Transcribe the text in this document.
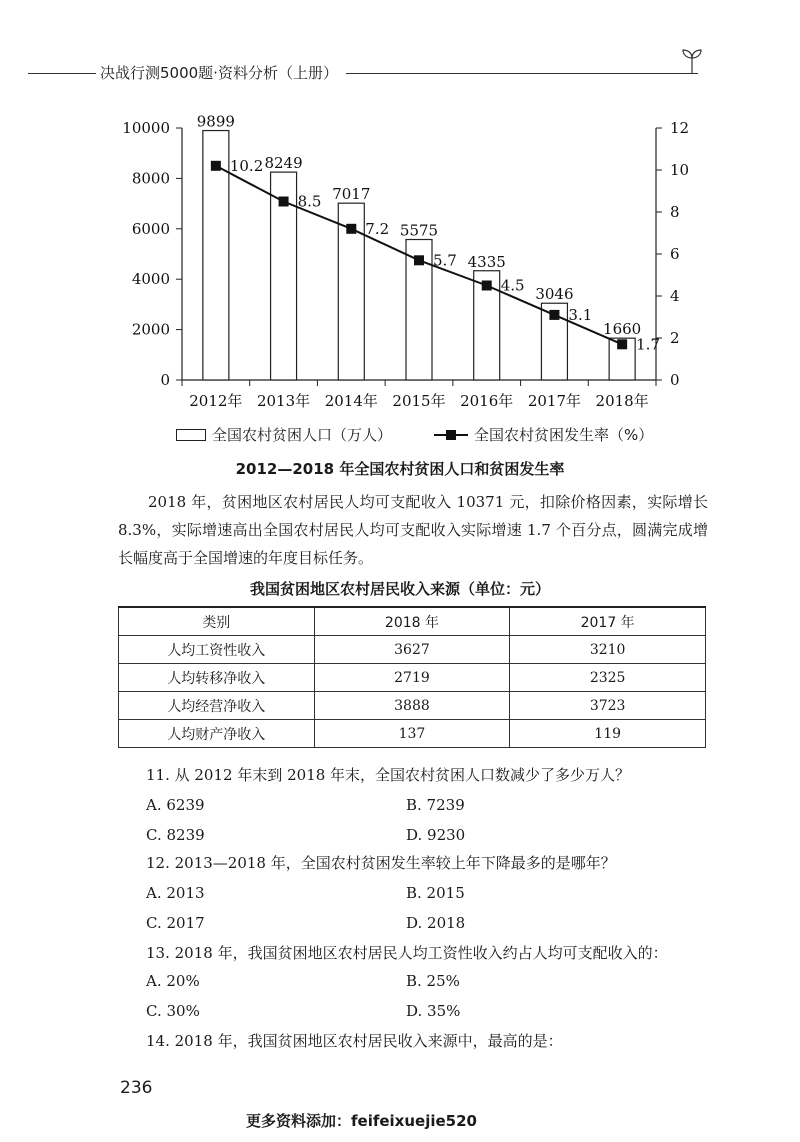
决战行测5000题·资料分析（上册）
0
2000
4000
6000
8000
10000
0
2
4
6
8
10
12
9899
2012年
8249
2013年
7017
2014年
5575
2015年
4335
2016年
3046
2017年
1660
2018年
10.2
8.5
7.2
5.7
4.5
3.1
1.7
全国农村贫困人口（万人）	全国农村贫困发生率（%）
2012—2018 年全国农村贫困人口和贫困发生率
2018 年，贫困地区农村居民人均可支配收入 10371 元，扣除价格因素，实际增长 8.3%，实际增速高出全国农村居民人均可支配收入实际增速 1.7 个百分点，圆满完成增长幅度高于全国增速的年度目标任务。
我国贫困地区农村居民收入来源（单位：元）
类别	2018 年	2017 年
人均工资性收入	3627	3210
人均转移净收入	2719	2325
人均经营净收入	3888	3723
人均财产净收入	137	119
11. 从 2012 年末到 2018 年末，全国农村贫困人口数减少了多少万人？
A. 6239	B. 7239
C. 8239	D. 9230
12. 2013—2018 年，全国农村贫困发生率较上年下降最多的是哪年？
A. 2013	B. 2015
C. 2017	D. 2018
13. 2018 年，我国贫困地区农村居民人均工资性收入约占人均可支配收入的：
A. 20%	B. 25%
C. 30%	D. 35%
14. 2018 年，我国贫困地区农村居民收入来源中，最高的是：
236
更多资料添加：feifeixuejie520
